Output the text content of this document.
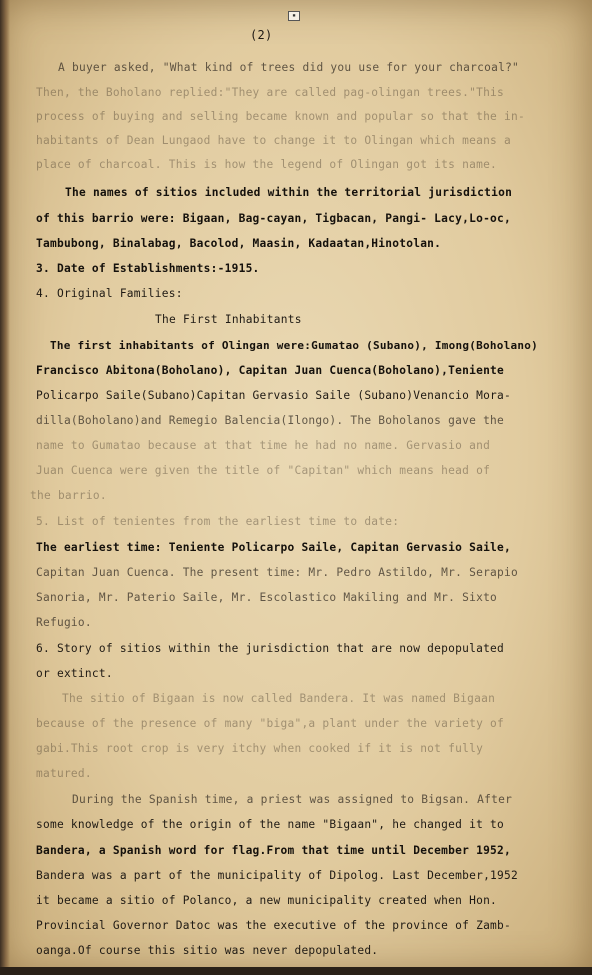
▪
(2)
A buyer asked, "What kind of trees did you use for your charcoal?"
Then, the Boholano replied:"They are called pag-olingan trees."This
process of buying and selling became known and popular so that the in-
habitants of Dean Lungaod have to change it to Olingan which means a
place of charcoal. This is how the legend of Olingan got its name.
The names of sitios included within the territorial jurisdiction
of this barrio were: Bigaan, Bag-cayan, Tigbacan, Pangi- Lacy,Lo-oc,
Tambubong, Binalabag, Bacolod, Maasin, Kadaatan,Hinotolan.
3. Date of Establishments:-1915.
4. Original Families:
The First Inhabitants
The first inhabitants of Olingan were:Gumatao (Subano), Imong(Boholano)
Francisco Abitona(Boholano), Capitan Juan Cuenca(Boholano),Teniente
Policarpo Saile(Subano)Capitan Gervasio Saile (Subano)Venancio Mora-
dilla(Boholano)and Remegio Balencia(Ilongo). The Boholanos gave the
name to Gumatao because at that time he had no name. Gervasio and
Juan Cuenca were given the title of "Capitan" which means head of
the barrio.
5. List of tenientes from the earliest time to date:
The earliest time: Teniente Policarpo Saile, Capitan Gervasio Saile,
Capitan Juan Cuenca. The present time: Mr. Pedro Astildo, Mr. Serapio
Sanoria, Mr. Paterio Saile, Mr. Escolastico Makiling and Mr. Sixto
Refugio.
6. Story of sitios within the jurisdiction that are now depopulated
or extinct.
The sitio of Bigaan is now called Bandera. It was named Bigaan
because of the presence of many "biga",a plant under the variety of
gabi.This root crop is very itchy when cooked if it is not fully
matured.
During the Spanish time, a priest was assigned to Bigsan. After
some knowledge of the origin of the name "Bigaan", he changed it to
Bandera, a Spanish word for flag.From that time until December 1952,
Bandera was a part of the municipality of Dipolog. Last December,1952
it became a sitio of Polanco, a new municipality created when Hon.
Provincial Governor Datoc was the executive of the province of Zamb-
oanga.Of course this sitio was never depopulated.
